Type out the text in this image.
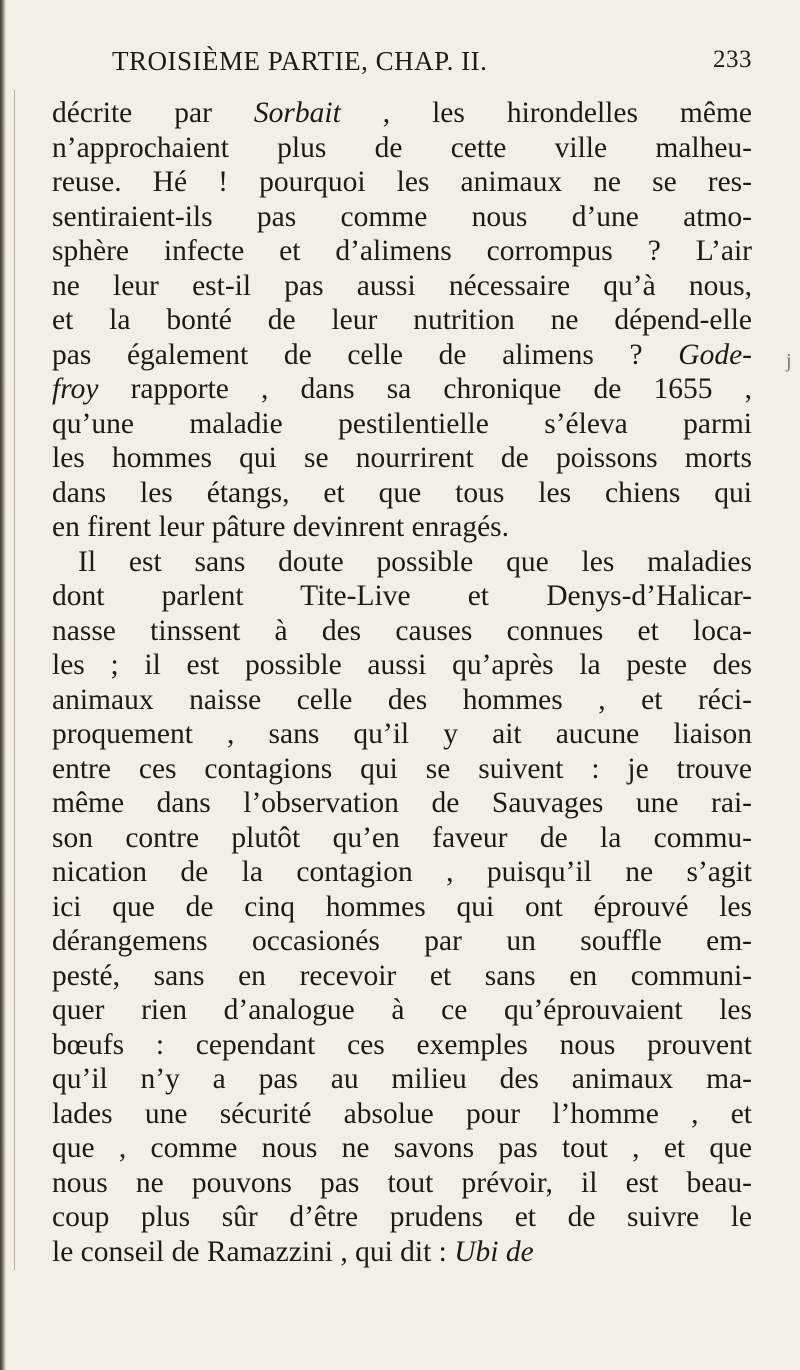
TROISIÈME PARTIE, CHAP. II.	233
décrite par Sorbait , les hirondelles même
n’approchaient plus de cette ville malheu-
reuse. Hé ! pourquoi les animaux ne se res-
sentiraient-ils pas comme nous d’une atmo-
sphère infecte et d’alimens corrompus ? L’air
ne leur est-il pas aussi nécessaire qu’à nous,
et la bonté de leur nutrition ne dépend-elle
pas également de celle de alimens ? Gode-
froy rapporte , dans sa chronique de 1655 ,
qu’une maladie pestilentielle s’éleva parmi
les hommes qui se nourrirent de poissons morts
dans les étangs, et que tous les chiens qui
en firent leur pâture devinrent enragés.
Il est sans doute possible que les maladies
dont parlent Tite-Live et Denys-d’Halicar-
nasse tinssent à des causes connues et loca-
les ; il est possible aussi qu’après la peste des
animaux naisse celle des hommes , et réci-
proquement , sans qu’il y ait aucune liaison
entre ces contagions qui se suivent : je trouve
même dans l’observation de Sauvages une rai-
son contre plutôt qu’en faveur de la commu-
nication de la contagion , puisqu’il ne s’agit
ici que de cinq hommes qui ont éprouvé les
dérangemens occasionés par un souffle em-
pesté, sans en recevoir et sans en communi-
quer rien d’analogue à ce qu’éprouvaient les
bœufs : cependant ces exemples nous prouvent
qu’il n’y a pas au milieu des animaux ma-
lades une sécurité absolue pour l’homme , et
que , comme nous ne savons pas tout , et que
nous ne pouvons pas tout prévoir, il est beau-
coup plus sûr d’être prudens et de suivre le
le conseil de Ramazzini , qui dit : Ubi de
j
